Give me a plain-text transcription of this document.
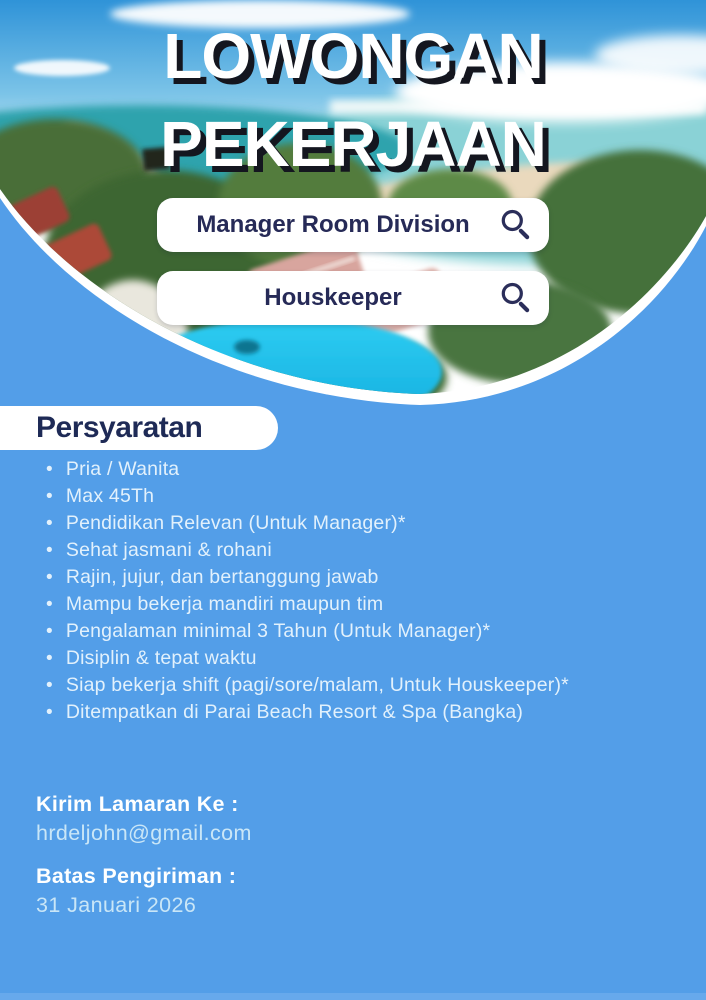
LOWONGAN
PEKERJAAN
Manager Room Division
Houskeeper
Persyaratan
• Pria / Wanita
• Max 45Th
• Pendidikan Relevan (Untuk Manager)*
• Sehat jasmani & rohani
• Rajin, jujur, dan bertanggung jawab
• Mampu bekerja mandiri maupun tim
• Pengalaman minimal 3 Tahun (Untuk Manager)*
• Disiplin & tepat waktu
• Siap bekerja shift (pagi/sore/malam, Untuk Houskeeper)*
• Ditempatkan di Parai Beach Resort & Spa (Bangka)
Kirim Lamaran Ke :
hrdeljohn@gmail.com
Batas Pengiriman :
31 Januari 2026
